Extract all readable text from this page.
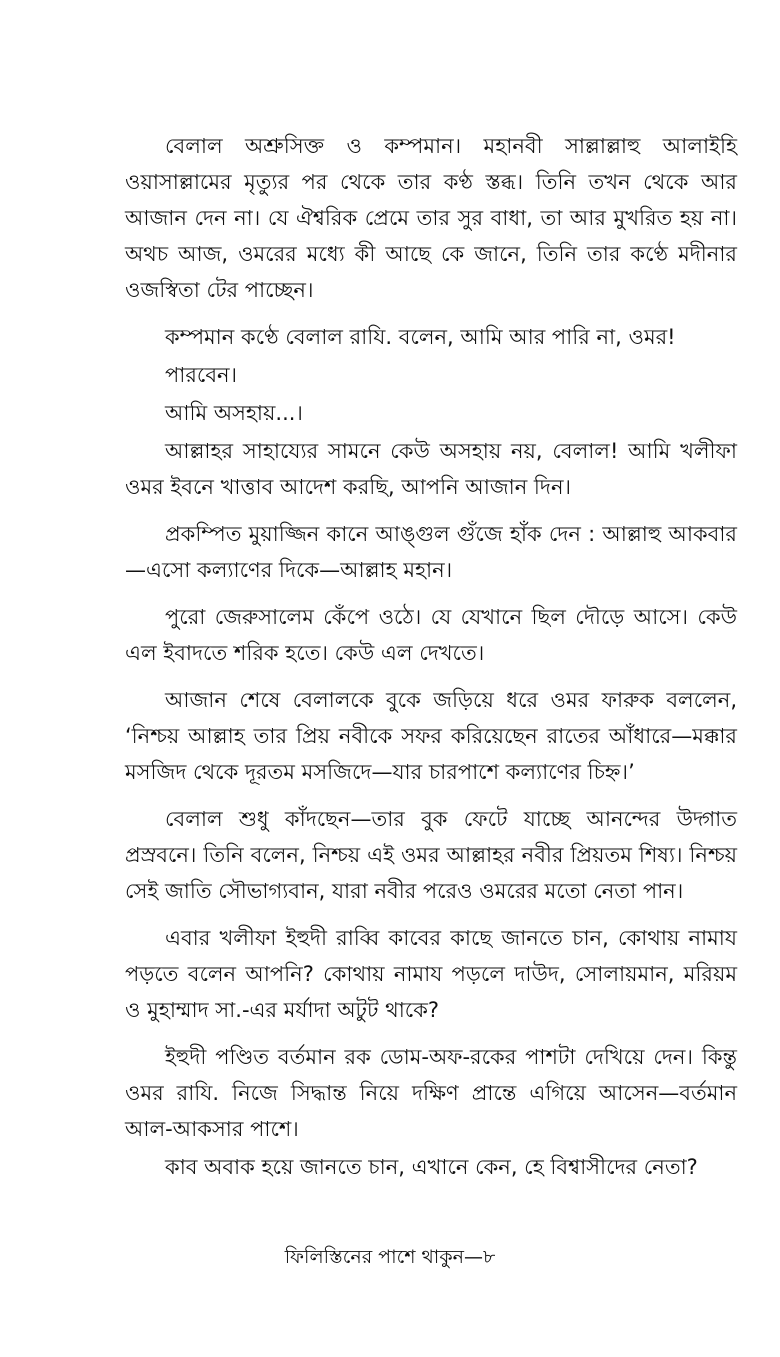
বেলাল অশ্রুসিক্ত ও কম্পমান। মহানবী সাল্লাল্লাহু আলাইহি ওয়াসাল্লামের মৃত্যুর পর থেকে তার কণ্ঠ স্তব্ধ। তিনি তখন থেকে আর আজান দেন না। যে ঐশ্বরিক প্রেমে তার সুর বাধা, তা আর মুখরিত হয় না। অথচ আজ, ওমরের মধ্যে কী আছে কে জানে, তিনি তার কণ্ঠে মদীনার ওজস্বিতা টের পাচ্ছেন।

কম্পমান কণ্ঠে বেলাল রাযি. বলেন, আমি আর পারি না, ওমর!

পারবেন।

আমি অসহায়...।

আল্লাহর সাহায্যের সামনে কেউ অসহায় নয়, বেলাল! আমি খলীফা ওমর ইবনে খাত্তাব আদেশ করছি, আপনি আজান দিন।

প্রকম্পিত মুয়াজ্জিন কানে আঙ্গুল গুঁজে হাঁক দেন : আল্লাহু আকবার—এসো কল্যাণের দিকে—আল্লাহ মহান।

পুরো জেরুসালেম কেঁপে ওঠে। যে যেখানে ছিল দৌড়ে আসে। কেউ এল ইবাদতে শরিক হতে। কেউ এল দেখতে।

আজান শেষে বেলালকে বুকে জড়িয়ে ধরে ওমর ফারুক বললেন, ‘নিশ্চয় আল্লাহ তার প্রিয় নবীকে সফর করিয়েছেন রাতের আঁধারে—মক্কার মসজিদ থেকে দূরতম মসজিদে—যার চারপাশে কল্যাণের চিহ্ন।’

বেলাল শুধু কাঁদছেন—তার বুক ফেটে যাচ্ছে আনন্দের উদ্গাত প্রস্রবনে। তিনি বলেন, নিশ্চয় এই ওমর আল্লাহর নবীর প্রিয়তম শিষ্য। নিশ্চয় সেই জাতি সৌভাগ্যবান, যারা নবীর পরেও ওমরের মতো নেতা পান।

এবার খলীফা ইহুদী রাব্বি কাবের কাছে জানতে চান, কোথায় নামায পড়তে বলেন আপনি? কোথায় নামায পড়লে দাউদ, সোলায়মান, মরিয়ম ও মুহাম্মাদ সা.-এর মর্যাদা অটুট থাকে?

ইহুদী পণ্ডিত বর্তমান রক ডোম-অফ-রকের পাশটা দেখিয়ে দেন। কিন্তু ওমর রাযি. নিজে সিদ্ধান্ত নিয়ে দক্ষিণ প্রান্তে এগিয়ে আসেন—বর্তমান আল-আকসার পাশে।

কাব অবাক হয়ে জানতে চান, এখানে কেন, হে বিশ্বাসীদের নেতা?

ফিলিস্তিনের পাশে থাকুন—৮
